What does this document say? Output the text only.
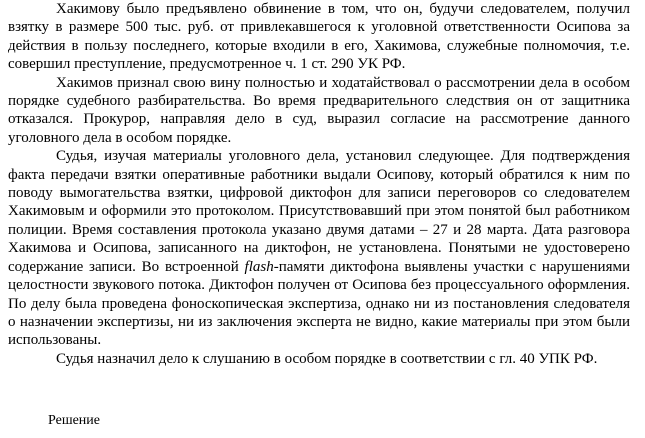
Хакимову было предъявлено обвинение в том, что он, будучи следователем, получил взятку в размере 500 тыс. руб. от привлекавшегося к уголовной ответственности Осипова за действия в пользу последнего, которые входили в его, Хакимова, служебные полномочия, т.е. совершил преступление, предусмотренное ч. 1 ст. 290 УК РФ.

Хакимов признал свою вину полностью и ходатайствовал о рассмотрении дела в особом порядке судебного разбирательства. Во время предварительного следствия он от защитника отказался. Прокурор, направляя дело в суд, выразил согласие на рассмотрение данного уголовного дела в особом порядке.

Судья, изучая материалы уголовного дела, установил следующее. Для подтверждения факта передачи взятки оперативные работники выдали Осипову, который обратился к ним по поводу вымогательства взятки, цифровой диктофон для записи переговоров со следователем Хакимовым и оформили это протоколом. Присутствовавший при этом понятой был работником полиции. Время составления протокола указано двумя датами – 27 и 28 марта. Дата разговора Хакимова и Осипова, записанного на диктофон, не установлена. Понятыми не удостоверено содержание записи. Во встроенной flash-памяти диктофона выявлены участки с нарушениями целостности звукового потока. Диктофон получен от Осипова без процессуального оформления. По делу была проведена фоноскопическая экспертиза, однако ни из постановления следователя о назначении экспертизы, ни из заключения эксперта не видно, какие материалы при этом были использованы.

Судья назначил дело к слушанию в особом порядке в соответствии с гл. 40 УПК РФ.

Решение
